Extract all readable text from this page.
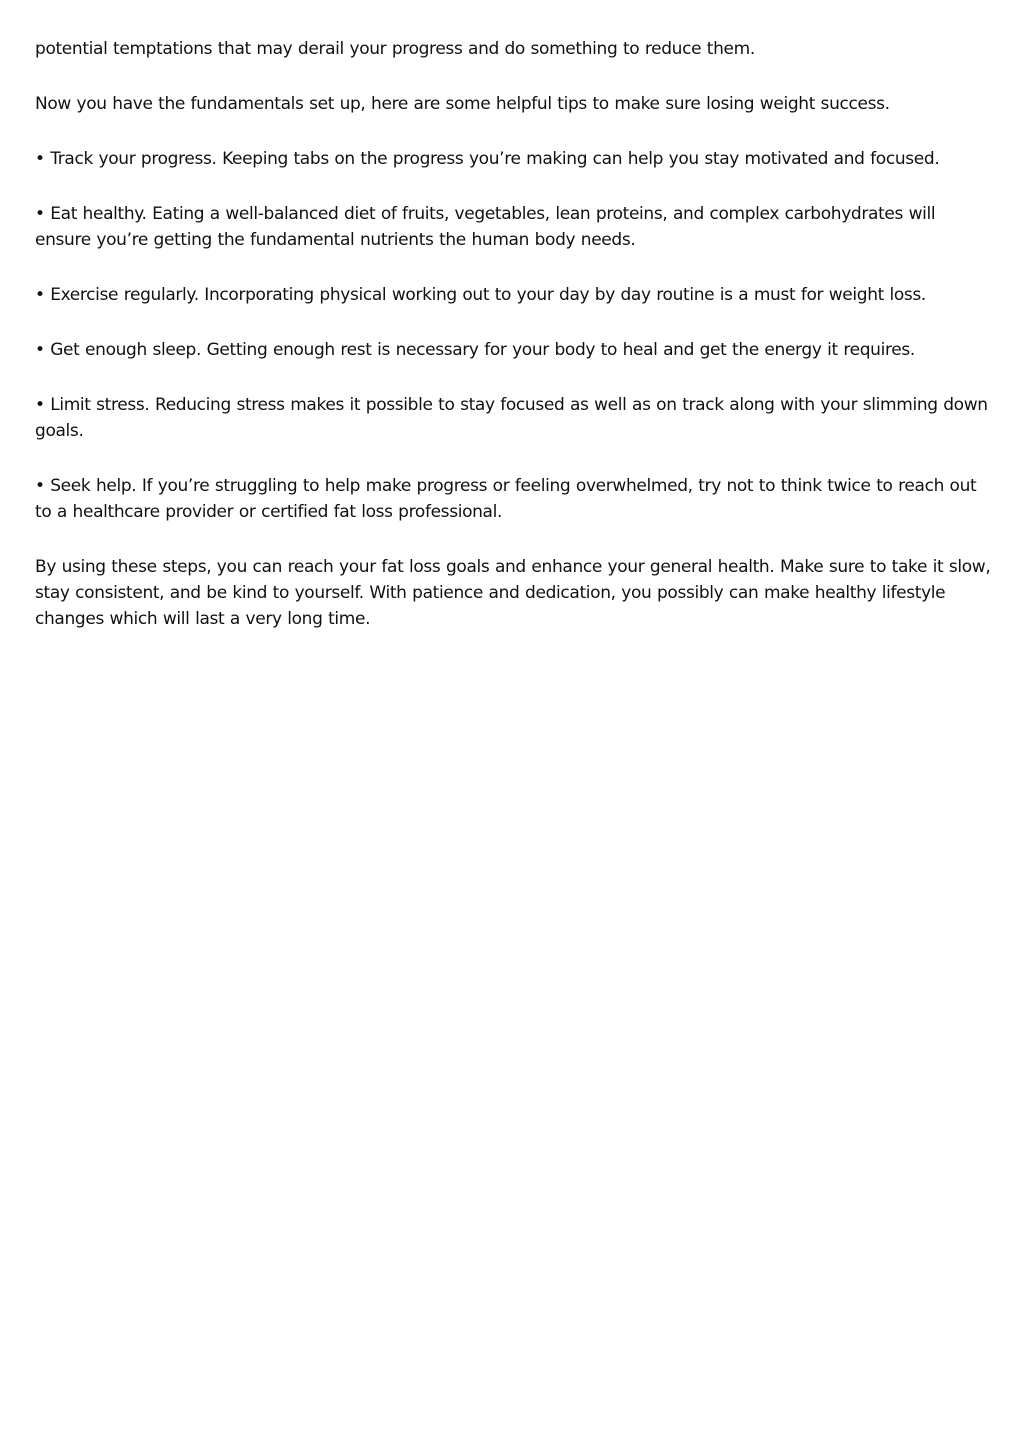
potential temptations that may derail your progress and do something to reduce them.

Now you have the fundamentals set up, here are some helpful tips to make sure losing weight success.

• Track your progress. Keeping tabs on the progress you’re making can help you stay motivated and focused.

• Eat healthy. Eating a well-balanced diet of fruits, vegetables, lean proteins, and complex carbohydrates will ensure you’re getting the fundamental nutrients the human body needs.

• Exercise regularly. Incorporating physical working out to your day by day routine is a must for weight loss.

• Get enough sleep. Getting enough rest is necessary for your body to heal and get the energy it requires.

• Limit stress. Reducing stress makes it possible to stay focused as well as on track along with your slimming down goals.

• Seek help. If you’re struggling to help make progress or feeling overwhelmed, try not to think twice to reach out to a healthcare provider or certified fat loss professional.

By using these steps, you can reach your fat loss goals and enhance your general health. Make sure to take it slow, stay consistent, and be kind to yourself. With patience and dedication, you possibly can make healthy lifestyle changes which will last a very long time.
